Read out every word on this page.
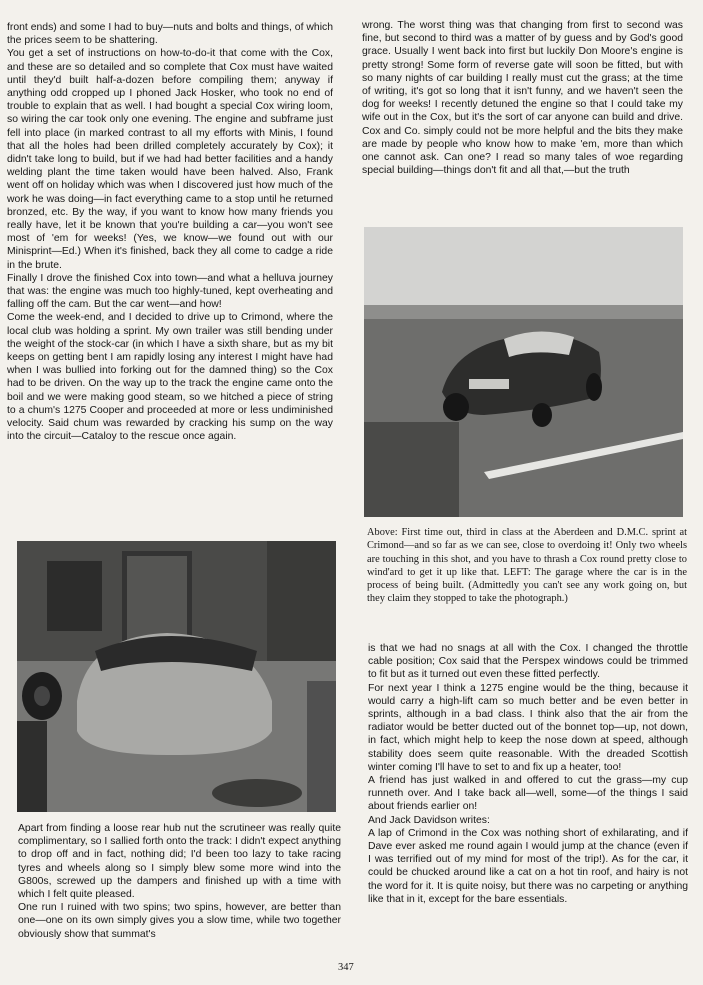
front ends) and some I had to buy—nuts and bolts and things, of which the prices seem to be shattering.

You get a set of instructions on how-to-do-it that come with the Cox, and these are so detailed and so complete that Cox must have waited until they'd built half-a-dozen before compiling them; anyway if anything odd cropped up I phoned Jack Hosker, who took no end of trouble to explain that as well. I had bought a special Cox wiring loom, so wiring the car took only one evening. The engine and subframe just fell into place (in marked contrast to all my efforts with Minis, I found that all the holes had been drilled completely accurately by Cox); it didn't take long to build, but if we had had better facilities and a handy welding plant the time taken would have been halved. Also, Frank went off on holiday which was when I discovered just how much of the work he was doing—in fact everything came to a stop until he returned bronzed, etc. By the way, if you want to know how many friends you really have, let it be known that you're building a car—you won't see most of 'em for weeks! (Yes, we know—we found out with our Minisprint—Ed.) When it's finished, back they all come to cadge a ride in the brute.

Finally I drove the finished Cox into town—and what a helluva journey that was: the engine was much too highly-tuned, kept overheating and falling off the cam. But the car went—and how!

Come the week-end, and I decided to drive up to Crimond, where the local club was holding a sprint. My own trailer was still bending under the weight of the stock-car (in which I have a sixth share, but as my bit keeps on getting bent I am rapidly losing any interest I might have had when I was bullied into forking out for the damned thing) so the Cox had to be driven. On the way up to the track the engine came onto the boil and we were making good steam, so we hitched a piece of string to a chum's 1275 Cooper and proceeded at more or less undiminished velocity. Said chum was rewarded by cracking his sump on the way into the circuit—Cataloy to the rescue once again.

Apart from finding a loose rear hub nut the scrutineer was really quite complimentary, so I sallied forth onto the track: I didn't expect anything to drop off and in fact, nothing did; I'd been too lazy to take racing tyres and wheels along so I simply blew some more wind into the G800s, screwed up the dampers and finished up with a time with which I felt quite pleased.

One run I ruined with two spins; two spins, however, are better than one—one on its own simply gives you a slow time, while two together obviously show that summat's

wrong. The worst thing was that changing from first to second was fine, but second to third was a matter of by guess and by God's good grace. Usually I went back into first but luckily Don Moore's engine is pretty strong! Some form of reverse gate will soon be fitted, but with so many nights of car building I really must cut the grass; at the time of writing, it's got so long that it isn't funny, and we haven't seen the dog for weeks! I recently detuned the engine so that I could take my wife out in the Cox, but it's the sort of car anyone can build and drive. Cox and Co. simply could not be more helpful and the bits they make are made by people who know how to make 'em, more than which one cannot ask. Can one? I read so many tales of woe regarding special building—things don't fit and all that,—but the truth

Above: First time out, third in class at the Aberdeen and D.M.C. sprint at Crimond—and so far as we can see, close to overdoing it! Only two wheels are touching in this shot, and you have to thrash a Cox round pretty close to wind'ard to get it up like that. LEFT: The garage where the car is in the process of being built. (Admittedly you can't see any work going on, but they claim they stopped to take the photograph.)

is that we had no snags at all with the Cox. I changed the throttle cable position; Cox said that the Perspex windows could be trimmed to fit but as it turned out even these fitted perfectly.

For next year I think a 1275 engine would be the thing, because it would carry a high-lift cam so much better and be even better in sprints, although in a bad class. I think also that the air from the radiator would be better ducted out of the bonnet top—up, not down, in fact, which might help to keep the nose down at speed, although stability does seem quite reasonable. With the dreaded Scottish winter coming I'll have to set to and fix up a heater, too!

A friend has just walked in and offered to cut the grass—my cup runneth over. And I take back all—well, some—of the things I said about friends earlier on!

And Jack Davidson writes:

A lap of Crimond in the Cox was nothing short of exhilarating, and if Dave ever asked me round again I would jump at the chance (even if I was terrified out of my mind for most of the trip!). As for the car, it could be chucked around like a cat on a hot tin roof, and hairy is not the word for it. It is quite noisy, but there was no carpeting or anything like that in it, except for the bare essentials.

347
